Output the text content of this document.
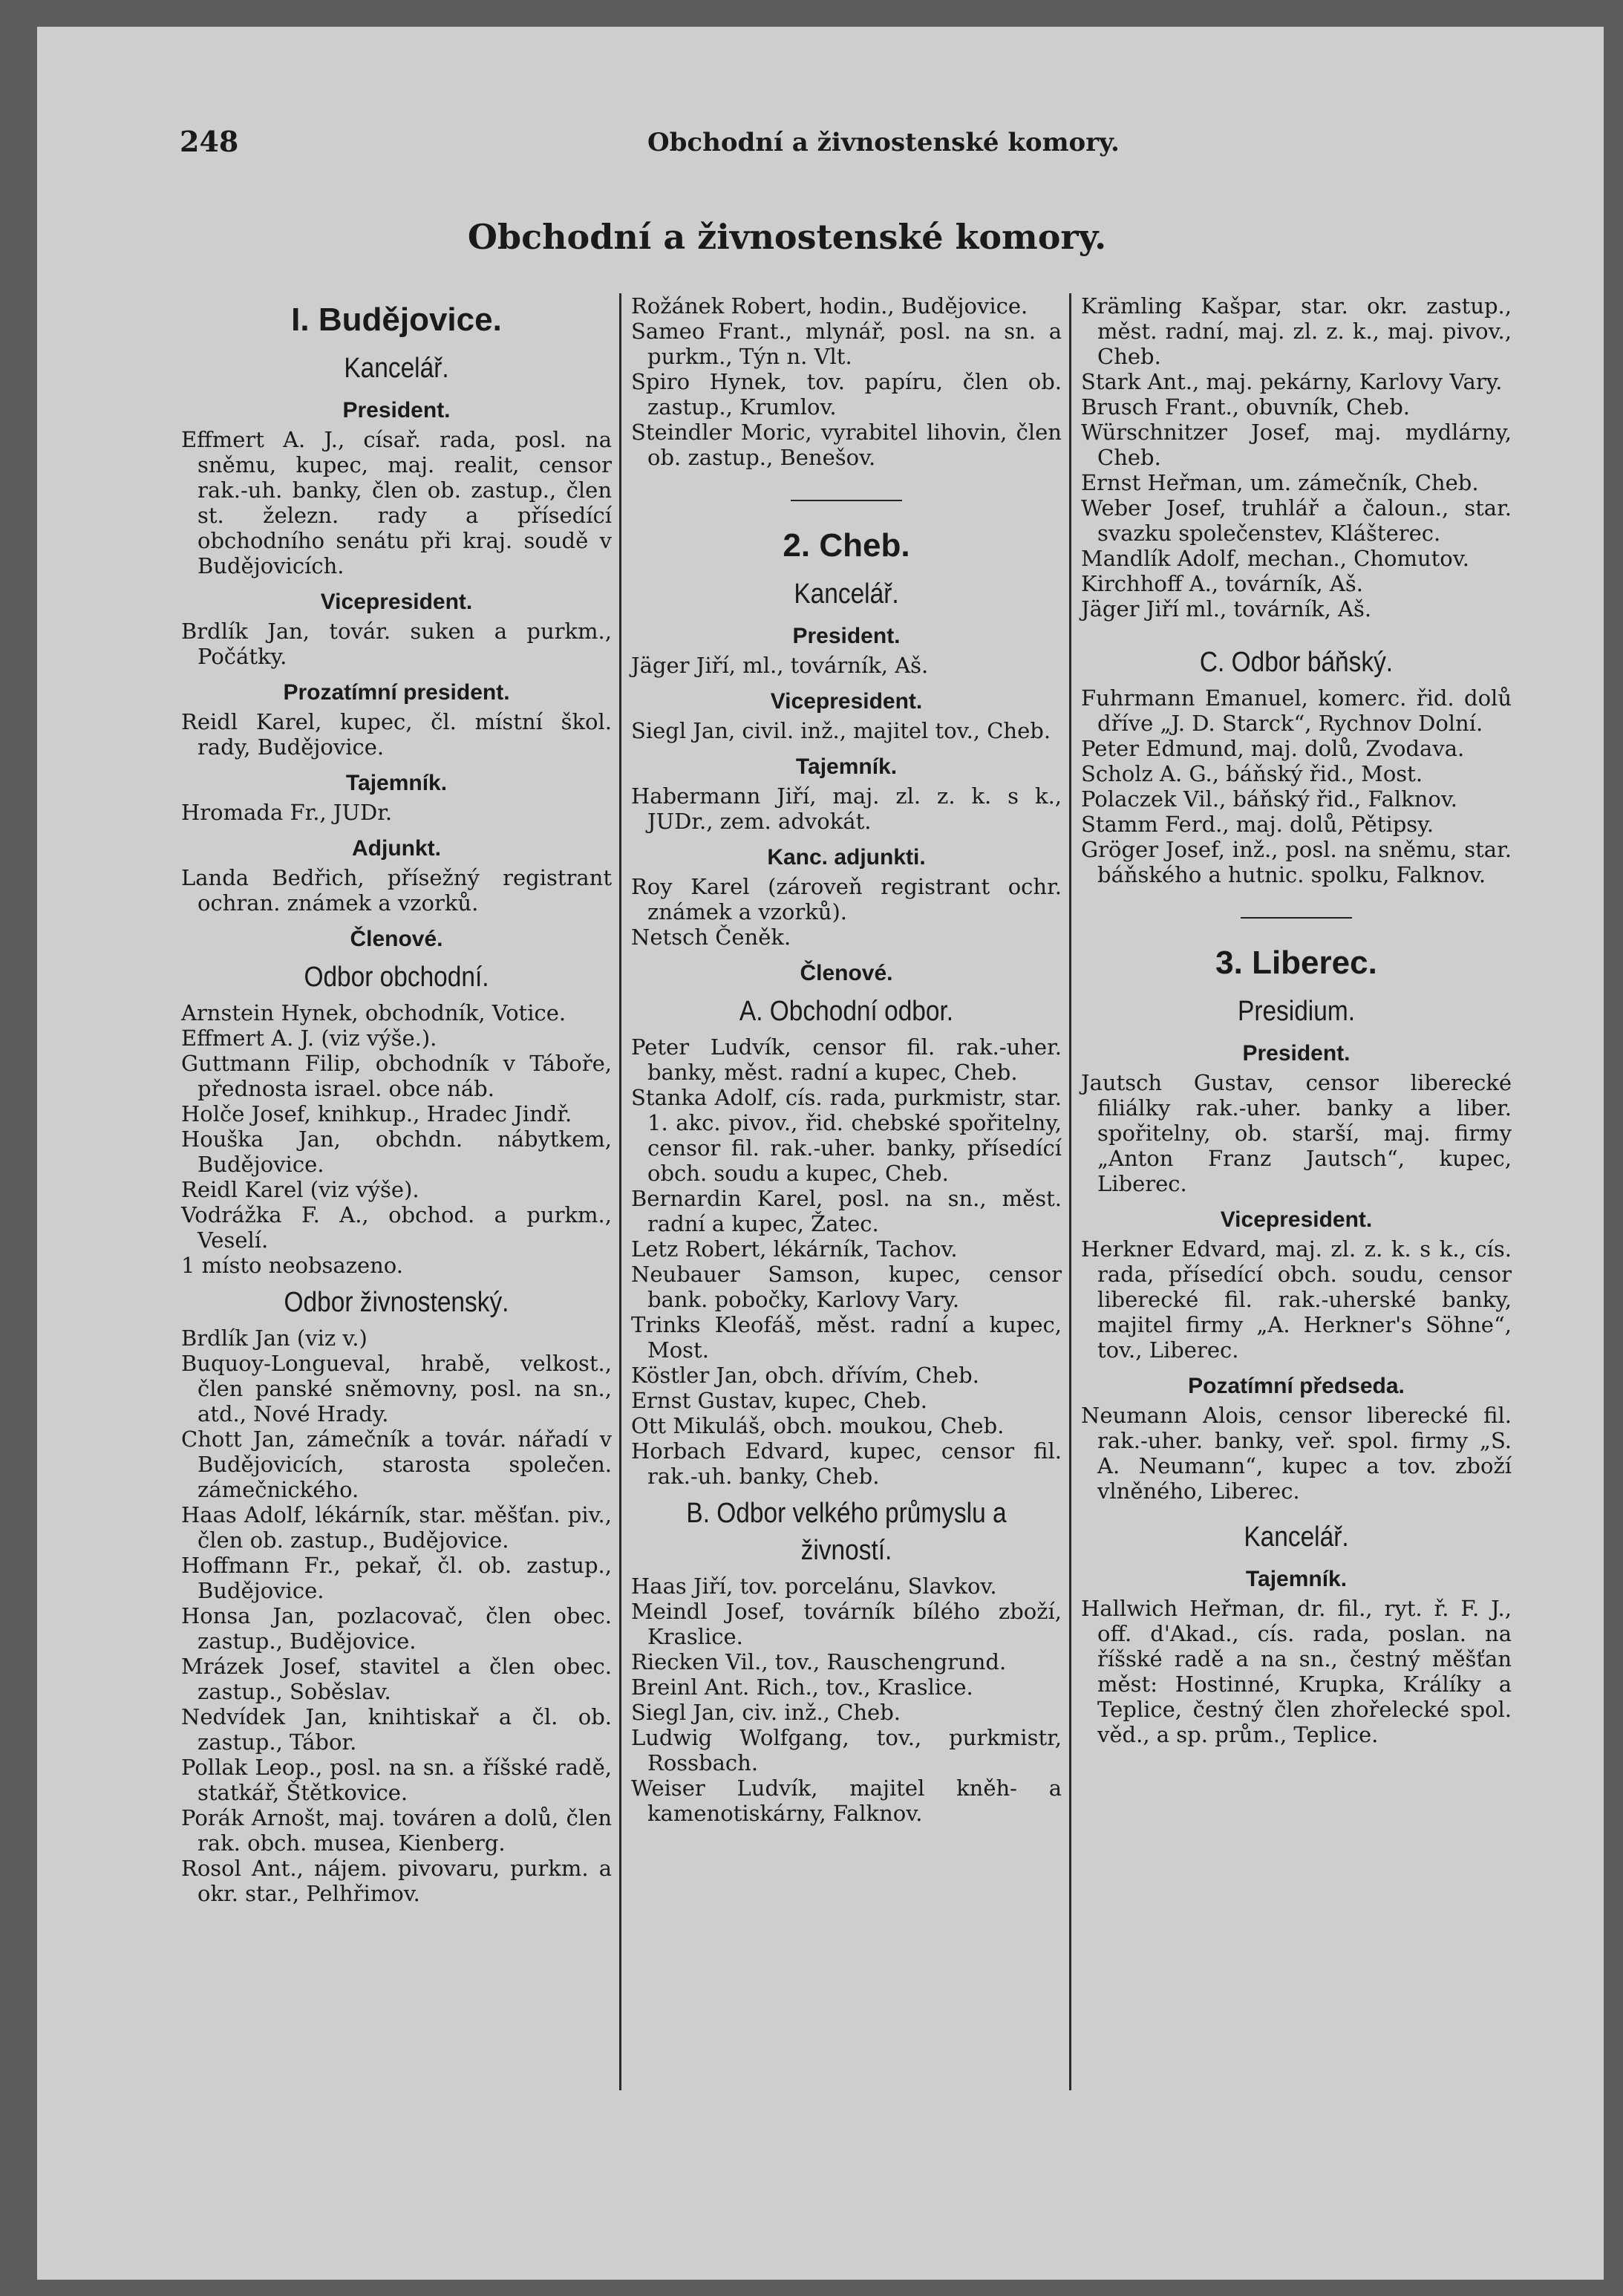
248	Obchodní a živnostenské komory.
Obchodní a živnostenské komory.
I. Budějovice.
Kancelář.
President.
Effmert A. J., císař. rada, posl. na sněmu, kupec, maj. realit, censor rak.-uh. banky, člen ob. zastup., člen st. železn. rady a přísedící obchodního senátu při kraj. soudě v Budějovicích.
Vicepresident.
Brdlík Jan, továr. suken a purkm., Počátky.
Prozatímní president.
Reidl Karel, kupec, čl. místní škol. rady, Budějovice.
Tajemník.
Hromada Fr., JUDr.
Adjunkt.
Landa Bedřich, přísežný registrant ochran. známek a vzorků.
Členové.
Odbor obchodní.
Arnstein Hynek, obchodník, Votice.
Effmert A. J. (viz výše.).
Guttmann Filip, obchodník v Táboře, přednosta israel. obce náb.
Holče Josef, knihkup., Hradec Jindř.
Houška Jan, obchdn. nábytkem, Budějovice.
Reidl Karel (viz výše).
Vodrážka F. A., obchod. a purkm., Veselí.
1 místo neobsazeno.
Odbor živnostenský.
Brdlík Jan (viz v.)
Buquoy-Longueval, hrabě, velkost., člen panské sněmovny, posl. na sn., atd., Nové Hrady.
Chott Jan, zámečník a továr. nářadí v Budějovicích, starosta společen. zámečnického.
Haas Adolf, lékárník, star. měšťan. piv., člen ob. zastup., Budějovice.
Hoffmann Fr., pekař, čl. ob. zastup., Budějovice.
Honsa Jan, pozlacovač, člen obec. zastup., Budějovice.
Mrázek Josef, stavitel a člen obec. zastup., Soběslav.
Nedvídek Jan, knihtiskař a čl. ob. zastup., Tábor.
Pollak Leop., posl. na sn. a říšské radě, statkář, Štětkovice.
Porák Arnošt, maj. továren a dolů, člen rak. obch. musea, Kienberg.
Rosol Ant., nájem. pivovaru, purkm. a okr. star., Pelhřimov.
Rožánek Robert, hodin., Budějovice.
Sameo Frant., mlynář, posl. na sn. a purkm., Týn n. Vlt.
Spiro Hynek, tov. papíru, člen ob. zastup., Krumlov.
Steindler Moric, vyrabitel lihovin, člen ob. zastup., Benešov.
2. Cheb.
Kancelář.
President.
Jäger Jiří, ml., továrník, Aš.
Vicepresident.
Siegl Jan, civil. inž., majitel tov., Cheb.
Tajemník.
Habermann Jiří, maj. zl. z. k. s k., JUDr., zem. advokát.
Kanc. adjunkti.
Roy Karel (zároveň registrant ochr. známek a vzorků).
Netsch Čeněk.
Členové.
A. Obchodní odbor.
Peter Ludvík, censor fil. rak.-uher. banky, měst. radní a kupec, Cheb.
Stanka Adolf, cís. rada, purkmistr, star. 1. akc. pivov., řid. chebské spořitelny, censor fil. rak.-uher. banky, přísedící obch. soudu a kupec, Cheb.
Bernardin Karel, posl. na sn., měst. radní a kupec, Žatec.
Letz Robert, lékárník, Tachov.
Neubauer Samson, kupec, censor bank. pobočky, Karlovy Vary.
Trinks Kleofáš, měst. radní a kupec, Most.
Köstler Jan, obch. dřívím, Cheb.
Ernst Gustav, kupec, Cheb.
Ott Mikuláš, obch. moukou, Cheb.
Horbach Edvard, kupec, censor fil. rak.-uh. banky, Cheb.
B. Odbor velkého průmyslu a živností.
Haas Jiří, tov. porcelánu, Slavkov.
Meindl Josef, továrník bílého zboží, Kraslice.
Riecken Vil., tov., Rauschengrund.
Breinl Ant. Rich., tov., Kraslice.
Siegl Jan, civ. inž., Cheb.
Ludwig Wolfgang, tov., purkmistr, Rossbach.
Weiser Ludvík, majitel kněh- a kamenotiskárny, Falknov.
Krämling Kašpar, star. okr. zastup., měst. radní, maj. zl. z. k., maj. pivov., Cheb.
Stark Ant., maj. pekárny, Karlovy Vary.
Brusch Frant., obuvník, Cheb.
Würschnitzer Josef, maj. mydlárny, Cheb.
Ernst Heřman, um. zámečník, Cheb.
Weber Josef, truhlář a čaloun., star. svazku společenstev, Klášterec.
Mandlík Adolf, mechan., Chomutov.
Kirchhoff A., továrník, Aš.
Jäger Jiří ml., továrník, Aš.
C. Odbor báňský.
Fuhrmann Emanuel, komerc. řid. dolů dříve „J. D. Starck“, Rychnov Dolní.
Peter Edmund, maj. dolů, Zvodava.
Scholz A. G., báňský řid., Most.
Polaczek Vil., báňský řid., Falknov.
Stamm Ferd., maj. dolů, Pětipsy.
Gröger Josef, inž., posl. na sněmu, star. báňského a hutnic. spolku, Falknov.
3. Liberec.
Presidium.
President.
Jautsch Gustav, censor liberecké filiálky rak.-uher. banky a liber. spořitelny, ob. starší, maj. firmy „Anton Franz Jautsch“, kupec, Liberec.
Vicepresident.
Herkner Edvard, maj. zl. z. k. s k., cís. rada, přísedící obch. soudu, censor liberecké fil. rak.-uherské banky, majitel firmy „A. Herkner's Söhne“, tov., Liberec.
Pozatímní předseda.
Neumann Alois, censor liberecké fil. rak.-uher. banky, veř. spol. firmy „S. A. Neumann“, kupec a tov. zboží vlněného, Liberec.
Kancelář.
Tajemník.
Hallwich Heřman, dr. fil., ryt. ř. F. J., off. d'Akad., cís. rada, poslan. na říšské radě a na sn., čestný měšťan měst: Hostinné, Krupka, Králíky a Teplice, čestný člen zhořelecké spol. věd., a sp. prům., Teplice.
